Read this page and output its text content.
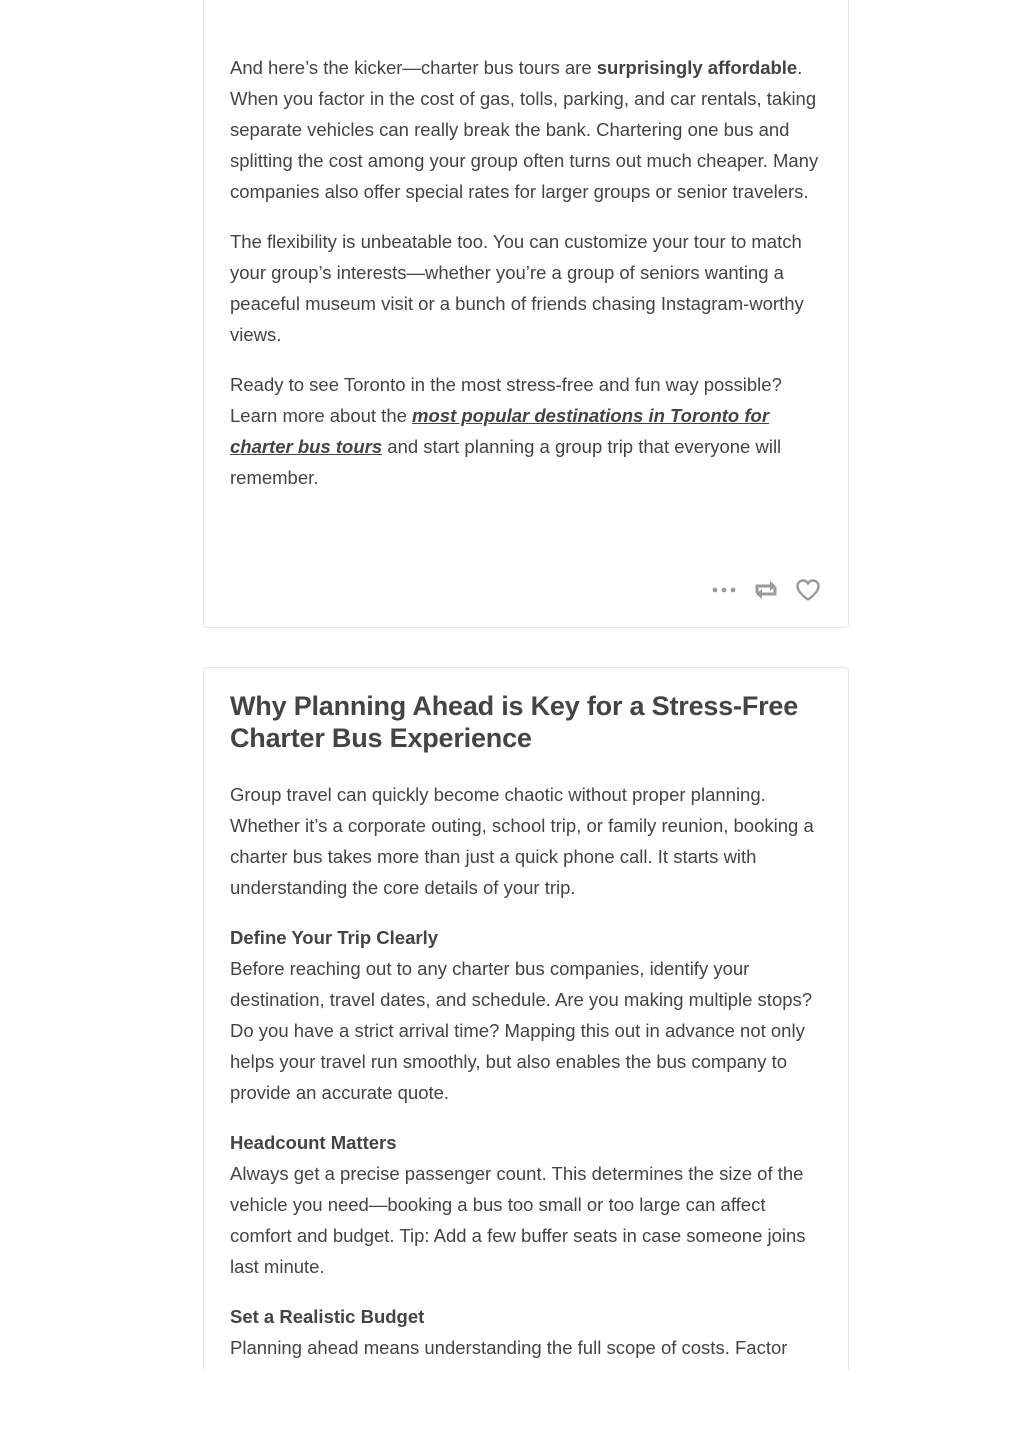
And here’s the kicker—charter bus tours are surprisingly affordable. When you factor in the cost of gas, tolls, parking, and car rentals, taking separate vehicles can really break the bank. Chartering one bus and splitting the cost among your group often turns out much cheaper. Many companies also offer special rates for larger groups or senior travelers.

The flexibility is unbeatable too. You can customize your tour to match your group’s interests—whether you’re a group of seniors wanting a peaceful museum visit or a bunch of friends chasing Instagram-worthy views.

Ready to see Toronto in the most stress-free and fun way possible? Learn more about the most popular destinations in Toronto for charter bus tours and start planning a group trip that everyone will remember.

Why Planning Ahead is Key for a Stress-Free Charter Bus Experience

Group travel can quickly become chaotic without proper planning. Whether it’s a corporate outing, school trip, or family reunion, booking a charter bus takes more than just a quick phone call. It starts with understanding the core details of your trip.

Define Your Trip Clearly
Before reaching out to any charter bus companies, identify your destination, travel dates, and schedule. Are you making multiple stops? Do you have a strict arrival time? Mapping this out in advance not only helps your travel run smoothly, but also enables the bus company to provide an accurate quote.

Headcount Matters
Always get a precise passenger count. This determines the size of the vehicle you need—booking a bus too small or too large can affect comfort and budget. Tip: Add a few buffer seats in case someone joins last minute.

Set a Realistic Budget
Planning ahead means understanding the full scope of costs. Factor
